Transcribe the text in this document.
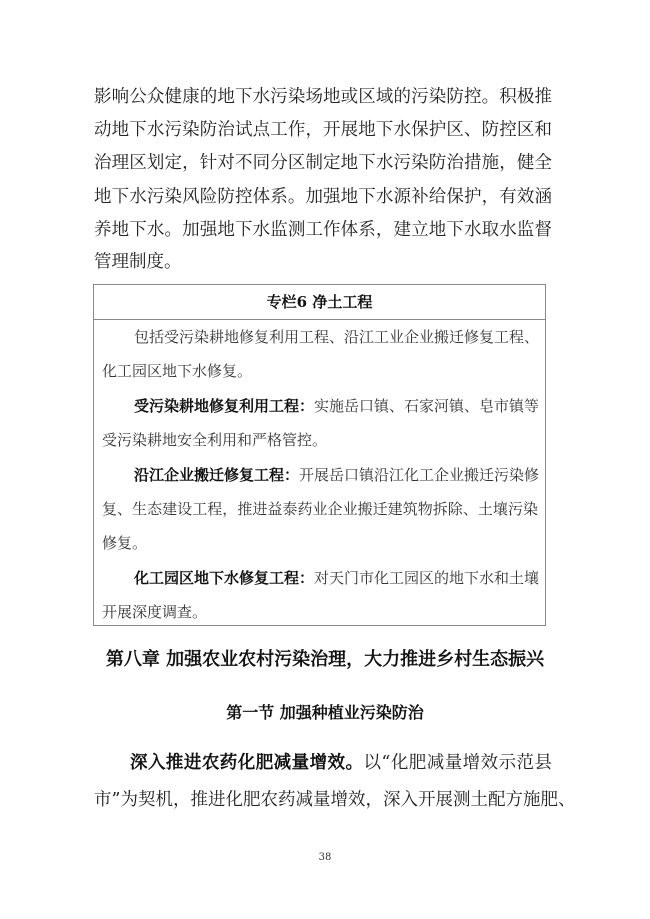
影响公众健康的地下水污染场地或区域的污染防控。积极推
动地下水污染防治试点工作，开展地下水保护区、防控区和
治理区划定，针对不同分区制定地下水污染防治措施，健全
地下水污染风险防控体系。加强地下水源补给保护，有效涵
养地下水。加强地下水监测工作体系，建立地下水取水监督
管理制度。
专栏6 净土工程
包括受污染耕地修复利用工程、沿江工业企业搬迁修复工程、
化工园区地下水修复。
受污染耕地修复利用工程：实施岳口镇、石家河镇、皂市镇等
受污染耕地安全利用和严格管控。
沿江企业搬迁修复工程：开展岳口镇沿江化工企业搬迁污染修
复、生态建设工程，推进益泰药业企业搬迁建筑物拆除、土壤污染
修复。
化工园区地下水修复工程：对天门市化工园区的地下水和土壤
开展深度调查。
第八章 加强农业农村污染治理，大力推进乡村生态振兴
第一节 加强种植业污染防治
深入推进农药化肥减量增效。以“化肥减量增效示范县
市”为契机，推进化肥农药减量增效，深入开展测土配方施肥、
38
